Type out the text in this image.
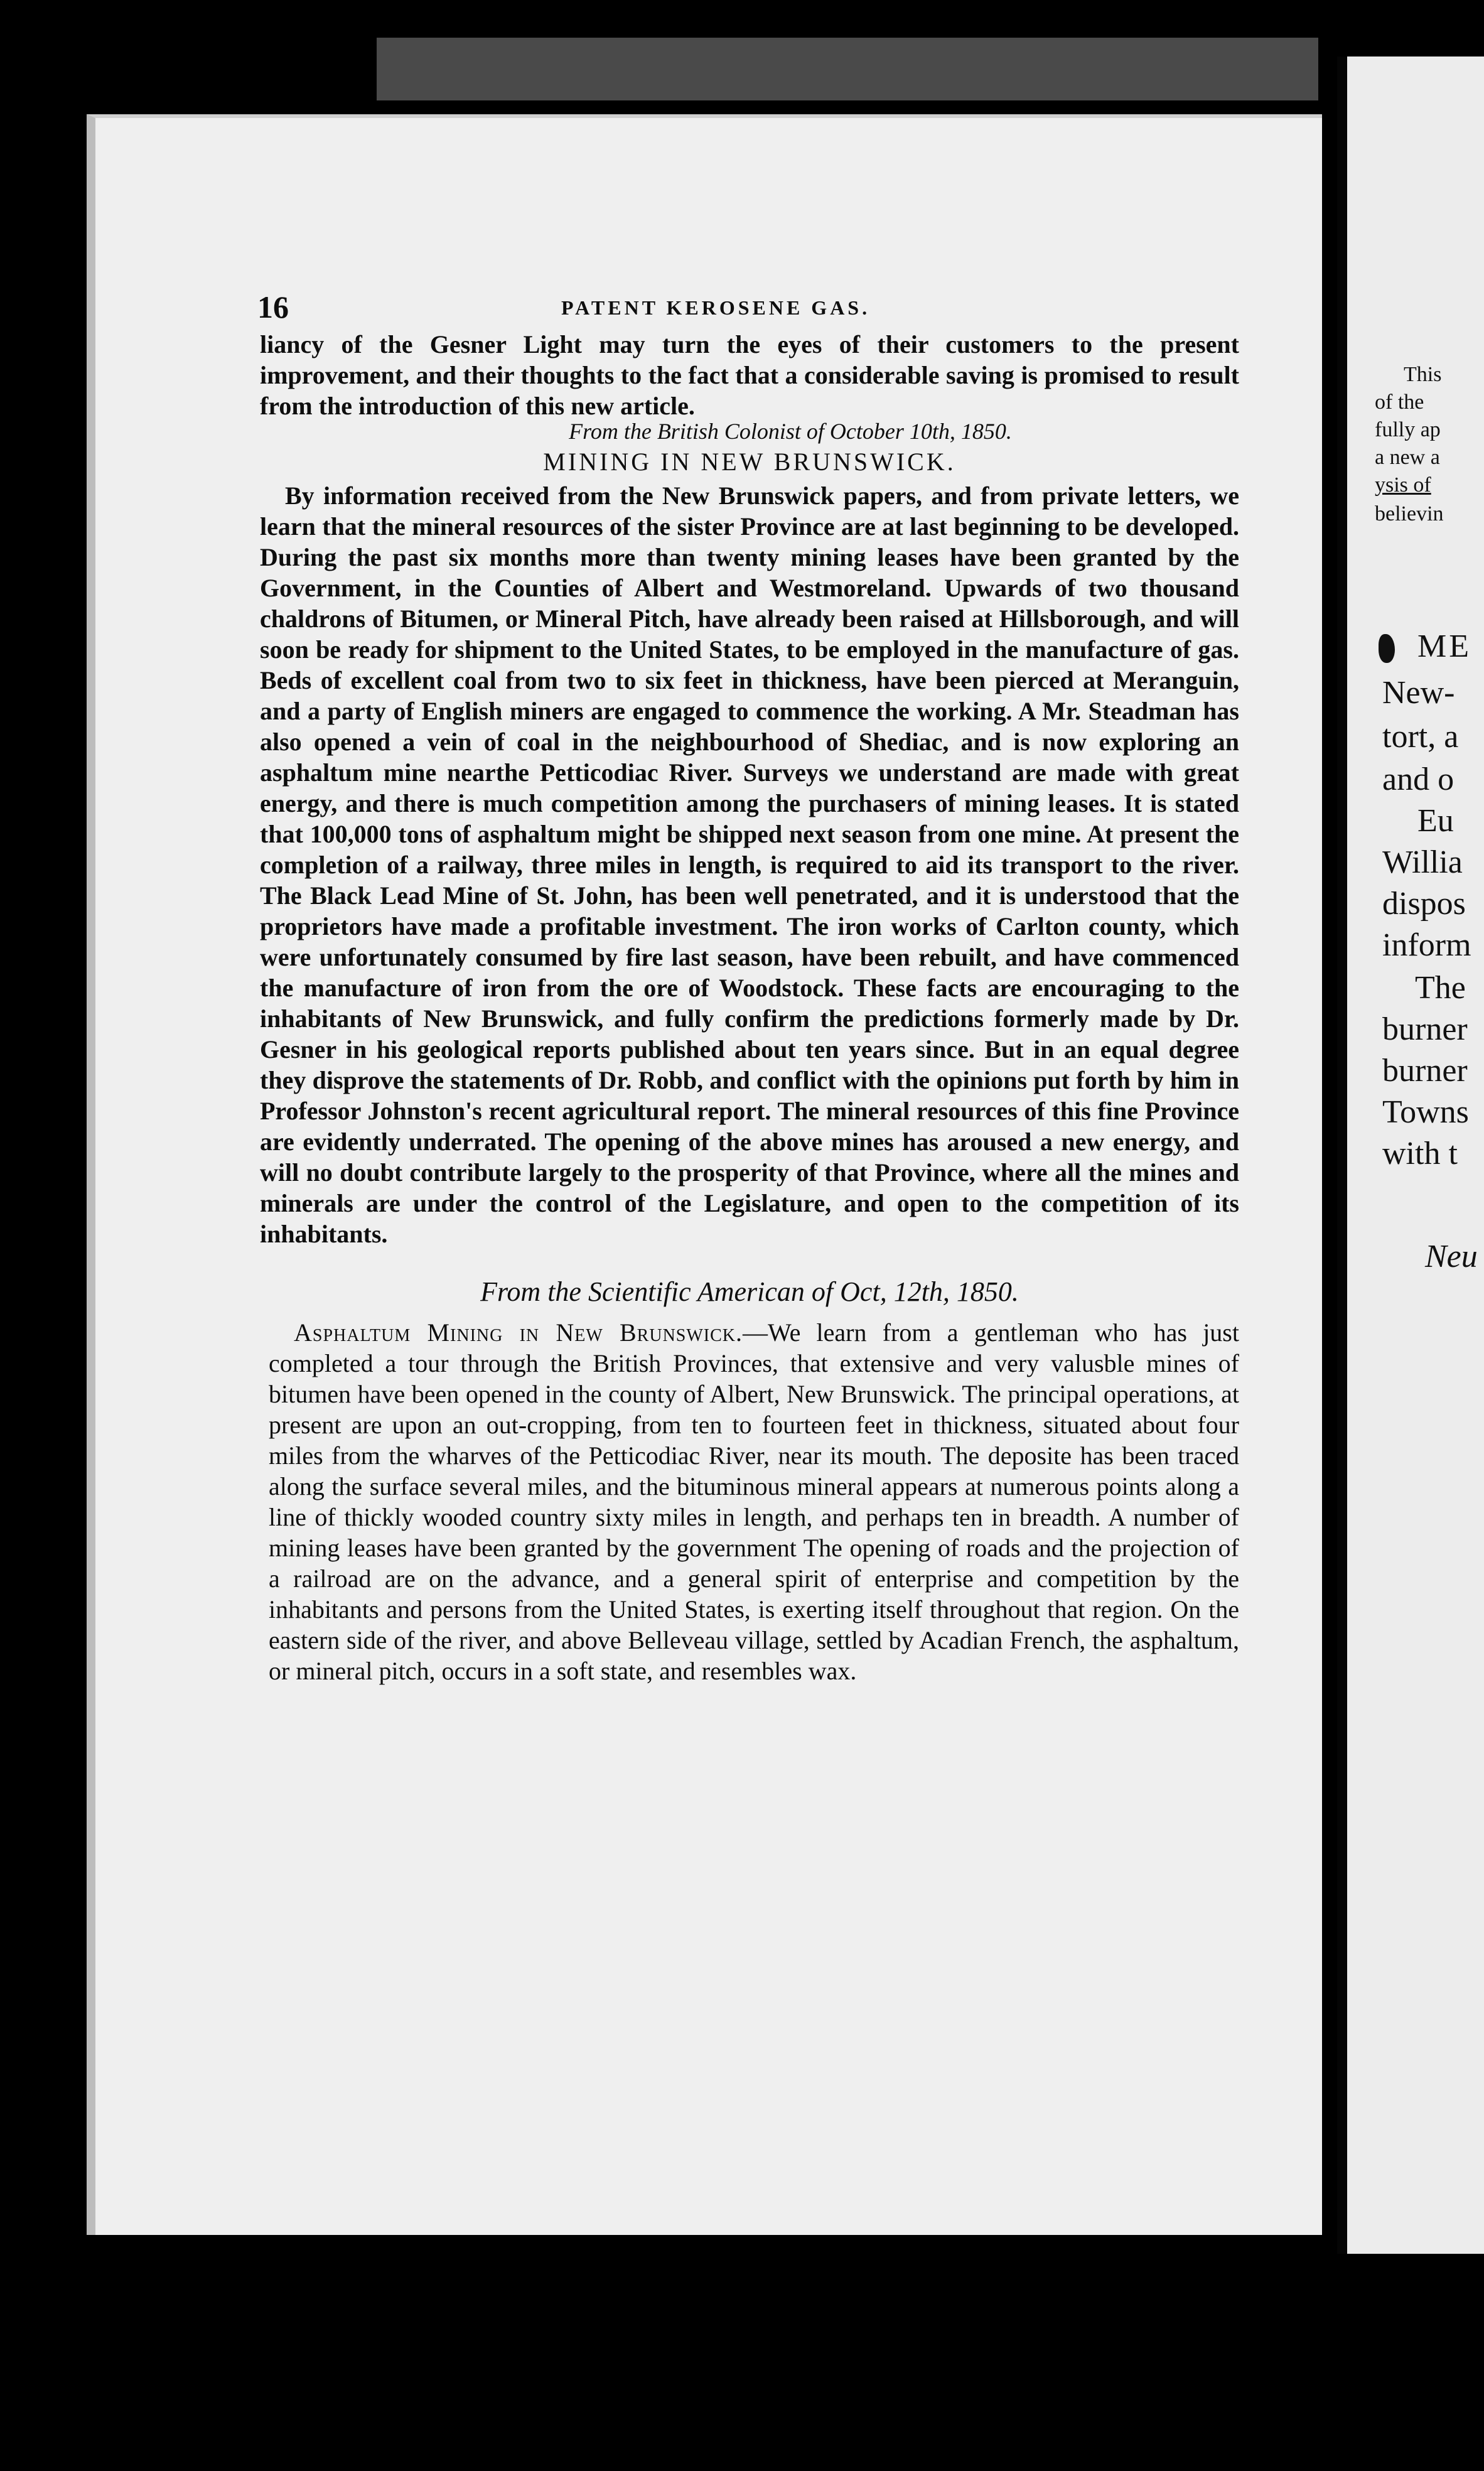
16	PATENT KEROSENE GAS.

liancy of the Gesner Light may turn the eyes of their customers to the present improvement, and their thoughts to the fact that a considerable saving is promised to result from the introduction of this new article.

From the British Colonist of October 10th, 1850.
MINING IN NEW BRUNSWICK.

By information received from the New Brunswick papers, and from private letters, we learn that the mineral resources of the sister Province are at last beginning to be developed. During the past six months more than twenty mining leases have been granted by the Government, in the Counties of Albert and Westmoreland. Upwards of two thousand chaldrons of Bitumen, or Mineral Pitch, have already been raised at Hillsborough, and will soon be ready for shipment to the United States, to be employed in the manufacture of gas. Beds of excellent coal from two to six feet in thickness, have been pierced at Meranguin, and a party of English miners are engaged to commence the working. A Mr. Steadman has also opened a vein of coal in the neighbourhood of Shediac, and is now exploring an asphaltum mine nearthe Petticodiac River. Surveys we understand are made with great energy, and there is much competition among the purchasers of mining leases. It is stated that 100,000 tons of asphaltum might be shipped next season from one mine. At present the completion of a railway, three miles in length, is required to aid its transport to the river. The Black Lead Mine of St. John, has been well penetrated, and it is understood that the proprietors have made a profitable investment. The iron works of Carlton county, which were unfortunately consumed by fire last season, have been rebuilt, and have commenced the manufacture of iron from the ore of Woodstock. These facts are encouraging to the inhabitants of New Brunswick, and fully confirm the predictions formerly made by Dr. Gesner in his geological reports published about ten years since. But in an equal degree they disprove the statements of Dr. Robb, and conflict with the opinions put forth by him in Professor Johnston's recent agricultural report. The mineral resources of this fine Province are evidently underrated. The opening of the above mines has aroused a new energy, and will no doubt contribute largely to the prosperity of that Province, where all the mines and minerals are under the control of the Legislature, and open to the competition of its inhabitants.

From the Scientific American of Oct, 12th, 1850.

Asphaltum Mining in New Brunswick.—We learn from a gentleman who has just completed a tour through the British Provinces, that extensive and very valusble mines of bitumen have been opened in the county of Albert, New Brunswick. The principal operations, at present are upon an out-cropping, from ten to fourteen feet in thickness, situated about four miles from the wharves of the Petticodiac River, near its mouth. The deposite has been traced along the surface several miles, and the bituminous mineral appears at numerous points along a line of thickly wooded country sixty miles in length, and perhaps ten in breadth. A number of mining leases have been granted by the government The opening of roads and the projection of a railroad are on the advance, and a general spirit of enterprise and competition by the inhabitants and persons from the United States, is exerting itself throughout that region. On the eastern side of the river, and above Belleveau village, settled by Acadian French, the asphaltum, or mineral pitch, occurs in a soft state, and resembles wax.

This
of the
fully ap
a new a
ysis of
believin
ME
New-
tort, a
and o
Eu
Willia
dispos
inform
The
burner
burner
Towns
with t
Neu
